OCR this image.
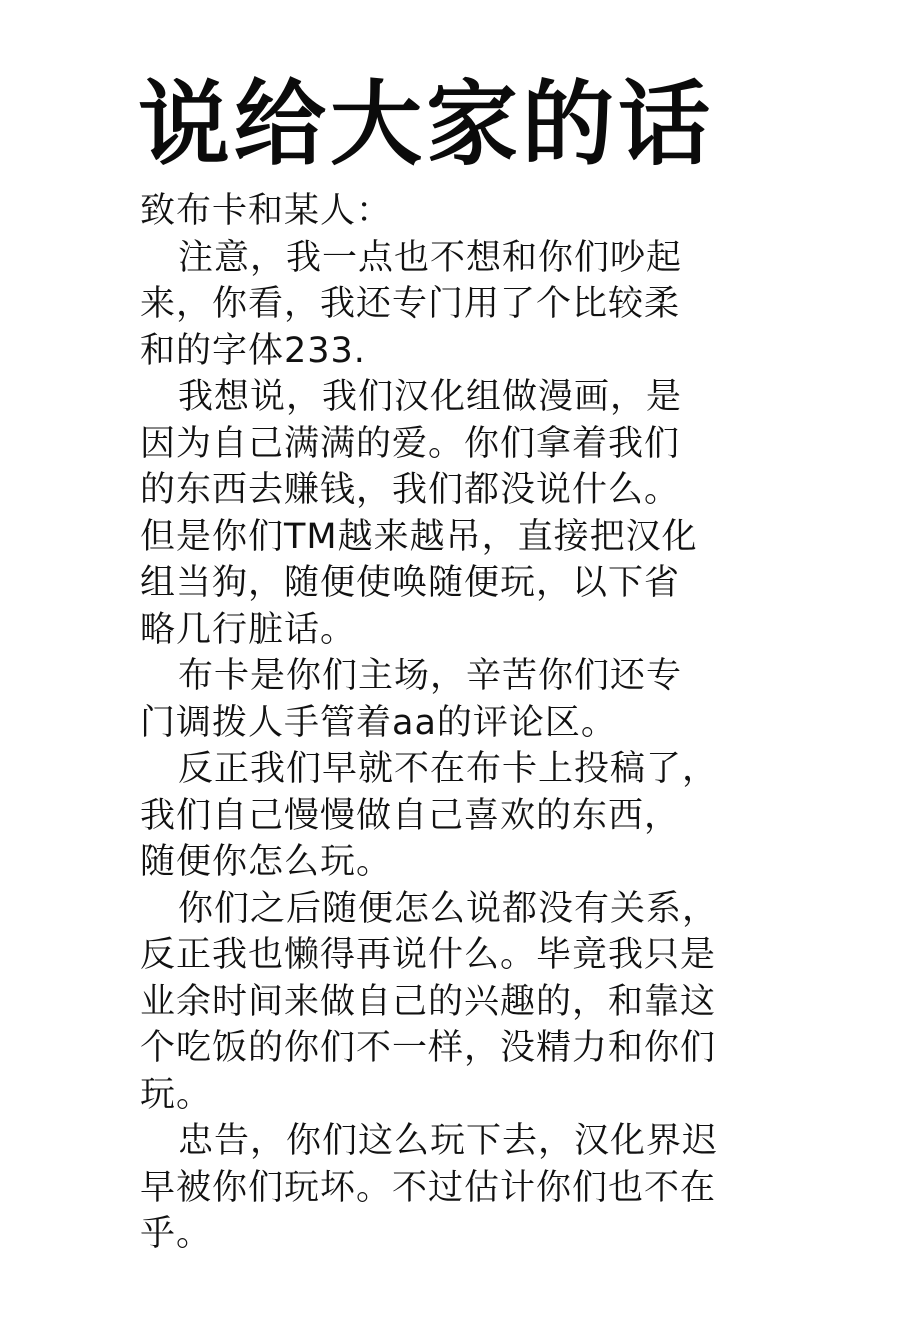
说给大家的话
致布卡和某人：
注意，我一点也不想和你们吵起
来，你看，我还专门用了个比较柔
和的字体233.
我想说，我们汉化组做漫画，是
因为自己满满的爱。你们拿着我们
的东西去赚钱，我们都没说什么。
但是你们TM越来越吊，直接把汉化
组当狗，随便使唤随便玩，以下省
略几行脏话。
布卡是你们主场，辛苦你们还专
门调拨人手管着aa的评论区。
反正我们早就不在布卡上投稿了，
我们自己慢慢做自己喜欢的东西，
随便你怎么玩。
你们之后随便怎么说都没有关系，
反正我也懒得再说什么。毕竟我只是
业余时间来做自己的兴趣的，和靠这
个吃饭的你们不一样，没精力和你们
玩。
忠告，你们这么玩下去，汉化界迟
早被你们玩坏。不过估计你们也不在
乎。
